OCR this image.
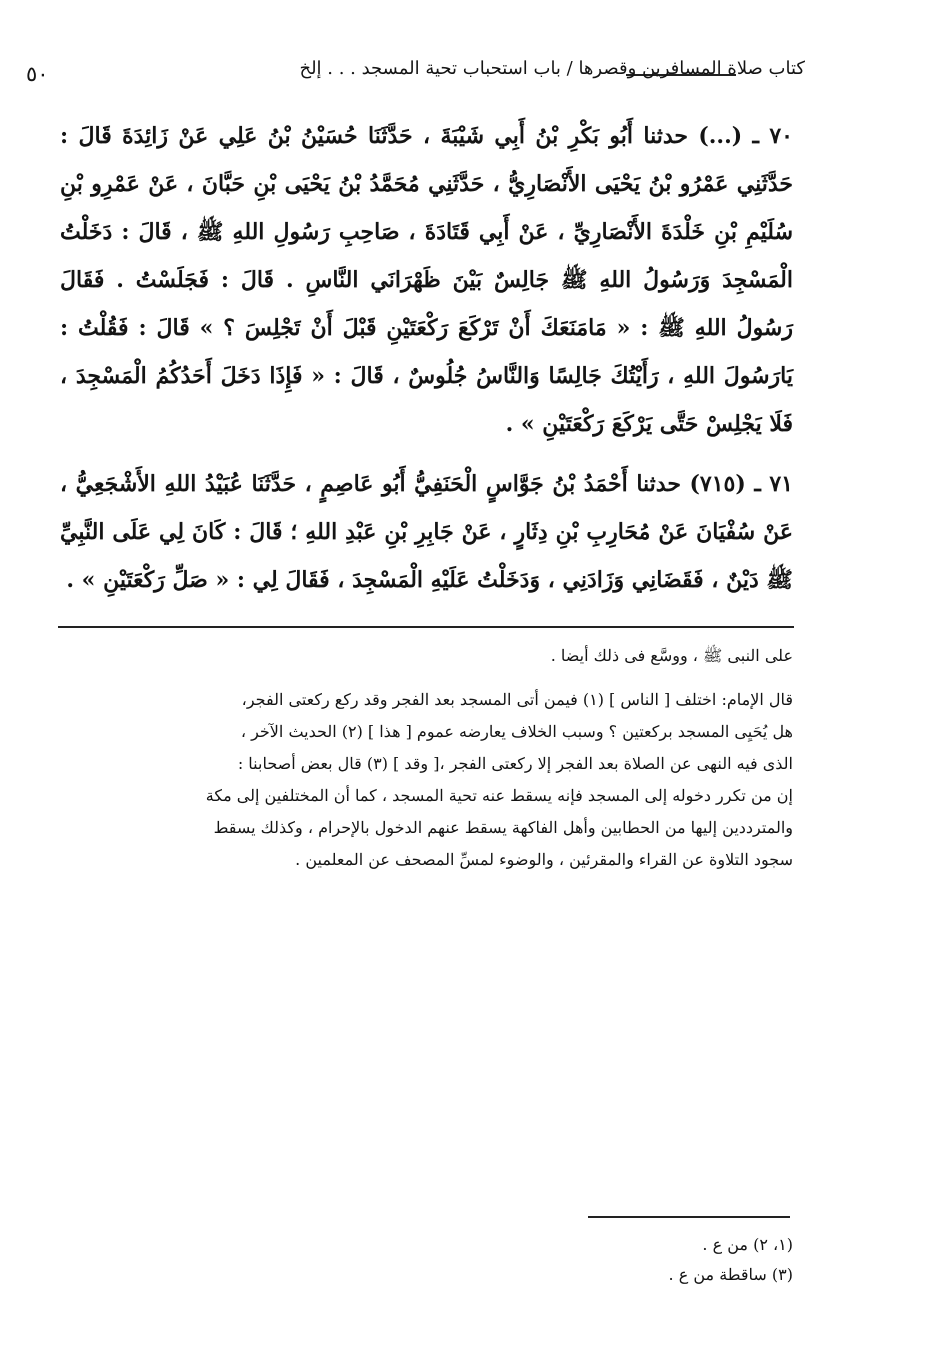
٥٠	كتاب صلاة المسافرين وقصرها / باب استحباب تحية المسجد . . . إلخ

٧٠ ـ (...) حدثنا أَبُو بَكْرِ بْنُ أَبِي شَيْبَةَ ، حَدَّثَنَا حُسَيْنُ بْنُ عَلِي عَنْ زَائِدَةَ قَالَ : حَدَّثَنِي عَمْرُو بْنُ يَحْيَى الأَنْصَارِيُّ ، حَدَّثَنِي مُحَمَّدُ بْنُ يَحْيَى بْنِ حَبَّانَ ، عَنْ عَمْرِو بْنِ سُلَيْمِ بْنِ خَلْدَةَ الأَنْصَارِيِّ ، عَنْ أَبِي قَتَادَةَ ، صَاحِبِ رَسُولِ اللهِ ﷺ ، قَالَ : دَخَلْتُ الْمَسْجِدَ وَرَسُولُ اللهِ ﷺ جَالِسٌ بَيْنَ ظَهْرَانَي النَّاسِ . قَالَ : فَجَلَسْتُ . فَقَالَ رَسُولُ اللهِ ﷺ : « مَامَنَعَكَ أَنْ تَرْكَعَ رَكْعَتَيْنِ قَبْلَ أَنْ تَجْلِسَ ؟ » قَالَ : فَقُلْتُ : يَارَسُولَ اللهِ ، رَأَيْتُكَ جَالِسًا وَالنَّاسُ جُلُوسٌ ، قَالَ : « فَإِذَا دَخَلَ أَحَدُكُمُ الْمَسْجِدَ ، فَلَا يَجْلِسْ حَتَّى يَرْكَعَ رَكْعَتَيْنِ » .

٧١ ـ (٧١٥) حدثنا أَحْمَدُ بْنُ جَوَّاسٍ الْحَنَفِيُّ أَبُو عَاصِمٍ ، حَدَّثَنَا عُبَيْدُ اللهِ الأَشْجَعِيُّ ، عَنْ سُفْيَانَ عَنْ مُحَارِبِ بْنِ دِثَارٍ ، عَنْ جَابِرِ بْنِ عَبْدِ اللهِ ؛ قَالَ : كَانَ لِي عَلَى النَّبِيِّ ﷺ دَيْنٌ ، فَقَضَانِي وَزَادَنِي ، وَدَخَلْتُ عَلَيْهِ الْمَسْجِدَ ، فَقَالَ لِي : « صَلِّ رَكْعَتَيْنِ » .

على النبى ﷺ ، ووسَّع فى ذلك أيضا .

قال الإمام: اختلف [ الناس ] (١) فيمن أتى المسجد بعد الفجر وقد ركع ركعتى الفجر،

هل يُحَيِى المسجد بركعتين ؟ وسبب الخلاف يعارضه عموم [ هذا ] (٢) الحديث الآخر ،

الذى فيه النهى عن الصلاة بعد الفجر إلا ركعتى الفجر ،[ وقد ] (٣) قال بعض أصحابنا :

إن من تكرر دخوله إلى المسجد فإنه يسقط عنه تحية المسجد ، كما أن المختلفين إلى مكة

والمترددين إليها من الحطابين وأهل الفاكهة يسقط عنهم الدخول بالإحرام ، وكذلك يسقط

سجود التلاوة عن القراء والمقرئين ، والوضوء لمسِّ المصحف عن المعلمين .

(١، ٢) من ع .

(٣) ساقطة من ع .
